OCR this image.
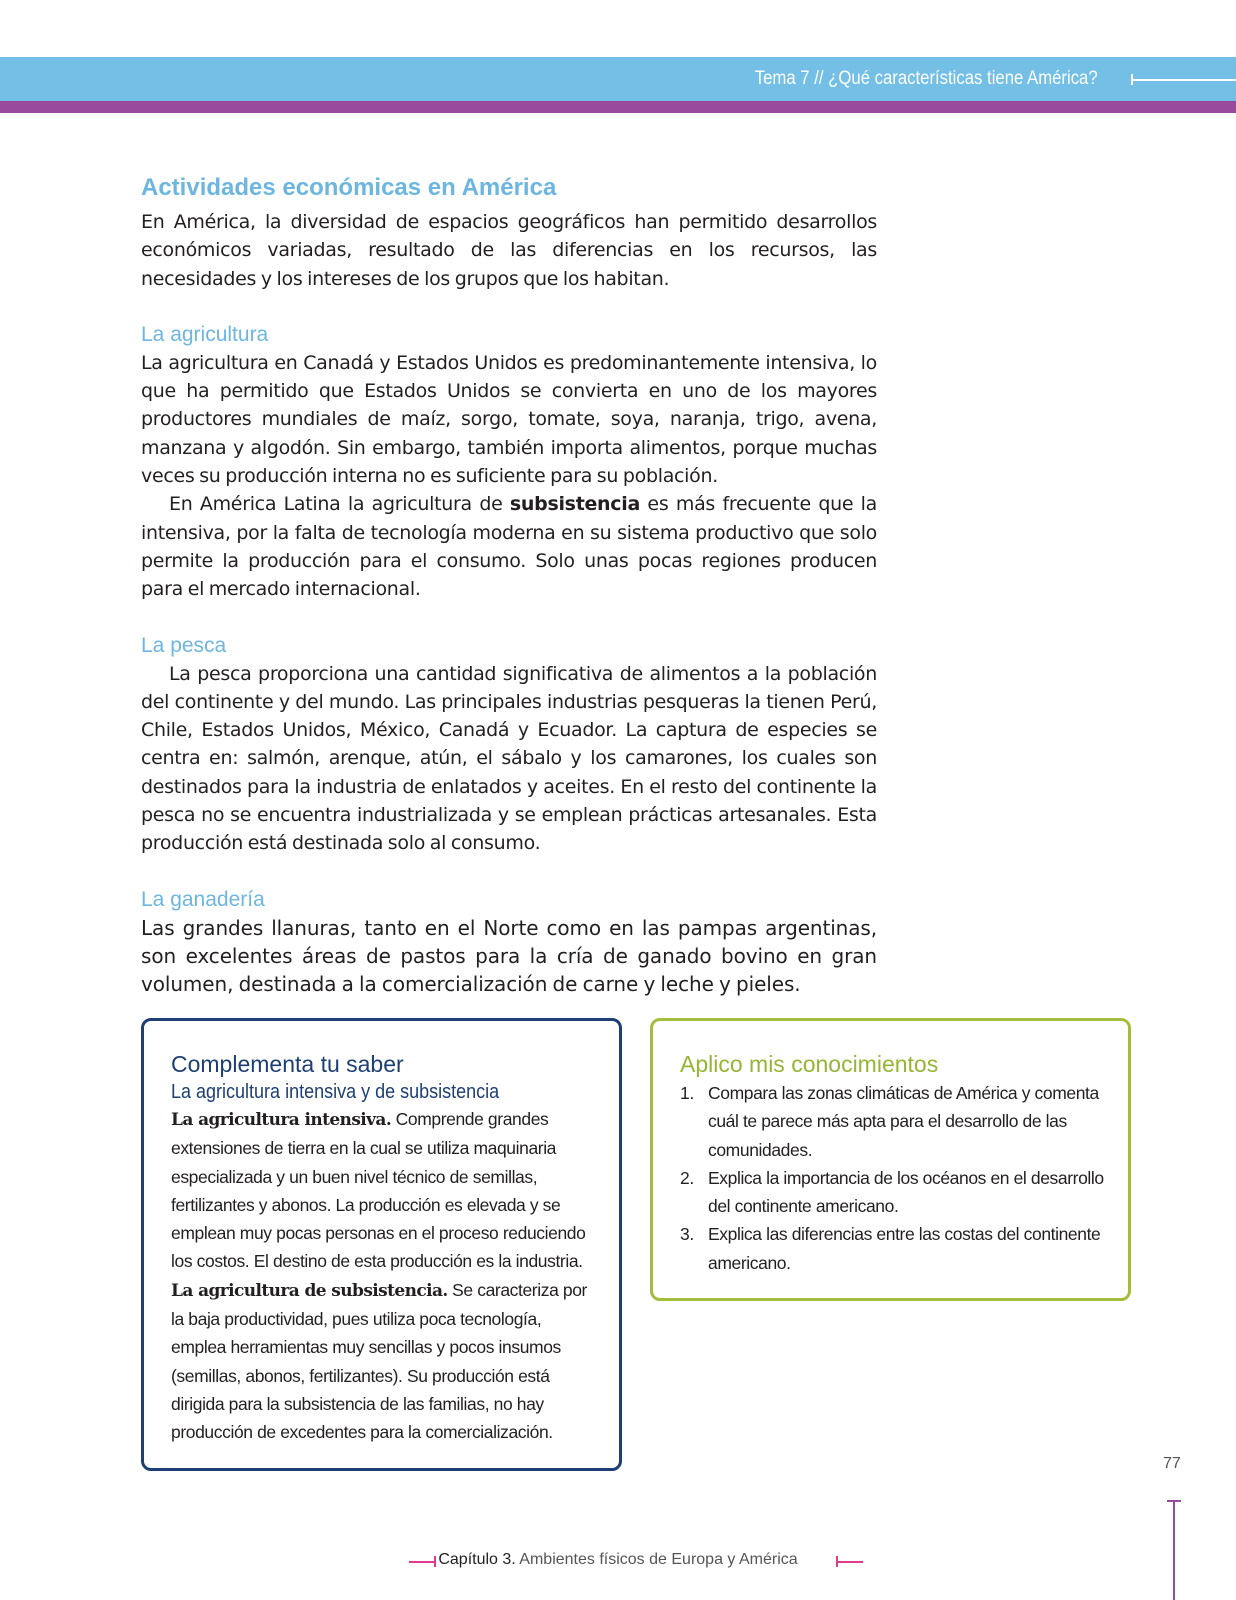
Tema 7 // ¿Qué características tiene América?
Actividades económicas en América

En América, la diversidad de espacios geográficos han permitido desarrollos económicos variadas, resultado de las diferencias en los recursos, las necesidades y los intereses de los grupos que los habitan.

La agricultura

La agricultura en Canadá y Estados Unidos es predominantemente intensiva, lo que ha permitido que Estados Unidos se convierta en uno de los mayores productores mundiales de maíz, sorgo, tomate, soya, naranja, trigo, avena, manzana y algodón. Sin embargo, también importa alimentos, porque muchas veces su producción interna no es suficiente para su población.

En América Latina la agricultura de subsistencia es más frecuente que la intensiva, por la falta de tecnología moderna en su sistema productivo que solo permite la producción para el consumo. Solo unas pocas regiones producen para el mercado internacional.

La pesca

La pesca proporciona una cantidad significativa de alimentos a la población del continente y del mundo. Las principales industrias pesqueras la tienen Perú, Chile, Estados Unidos, México, Canadá y Ecuador. La captura de especies se centra en: salmón, arenque, atún, el sábalo y los camarones, los cuales son destinados para la industria de enlatados y aceites. En el resto del continente la pesca no se encuentra industrializada y se emplean prácticas artesanales. Esta producción está destinada solo al consumo.

La ganadería

Las grandes llanuras, tanto en el Norte como en las pampas argentinas, son excelentes áreas de pastos para la cría de ganado bovino en gran volumen, destinada a la comercialización de carne y leche y pieles.

Complementa tu saber

La agricultura intensiva y de subsistencia

La agricultura intensiva. Comprende grandes extensiones de tierra en la cual se utiliza maquinaria especializada y un buen nivel técnico de semillas, fertilizantes y abonos. La producción es elevada y se emplean muy pocas personas en el proceso reduciendo los costos. El destino de esta producción es la industria.

La agricultura de subsistencia. Se caracteriza por la baja productividad, pues utiliza poca tecnología, emplea herramientas muy sencillas y pocos insumos (semillas, abonos, fertilizantes). Su producción está dirigida para la subsistencia de las familias, no hay producción de excedentes para la comercialización.

Aplico mis conocimientos

1. Compara las zonas climáticas de América y comenta cuál te parece más apta para el desarrollo de las comunidades.
2. Explica la importancia de los océanos en el desarrollo del continente americano.
3. Explica las diferencias entre las costas del continente americano.
77
Capítulo 3. Ambientes físicos de Europa y América
